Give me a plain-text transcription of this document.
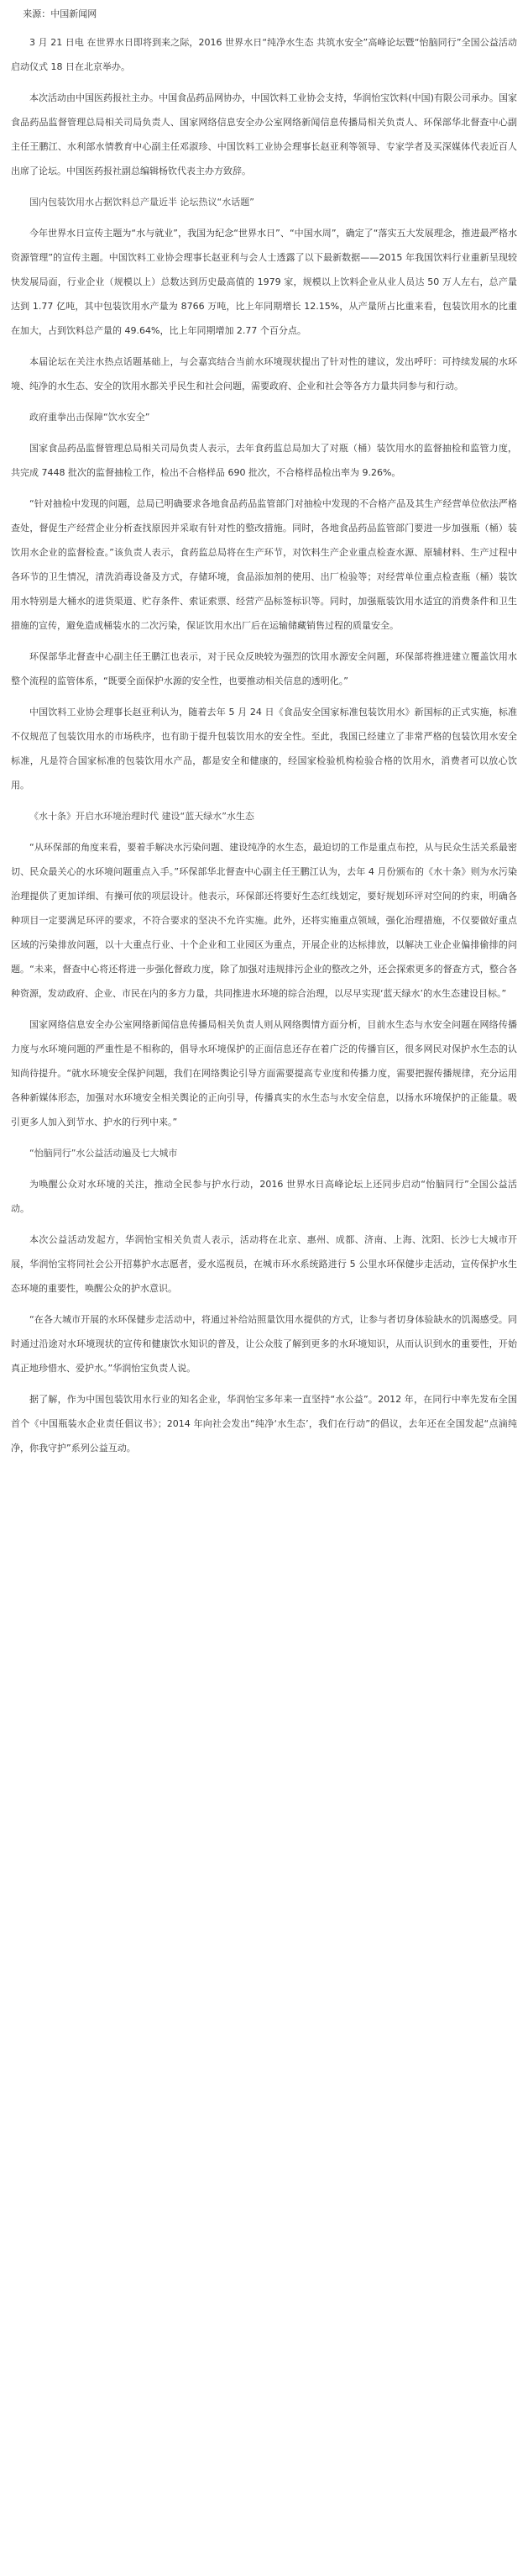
来源：中国新闻网

3 月 21 日电 在世界水日即将到来之际，2016 世界水日“纯净水生态 共筑水安全”高峰论坛暨“怡脑同行”全国公益活动启动仪式 18 日在北京举办。

本次活动由中国医药报社主办。中国食品药品网协办，中国饮料工业协会支持，华润怡宝饮料(中国)有限公司承办。国家食品药品监督管理总局相关司局负责人、国家网络信息安全办公室网络新闻信息传播局相关负责人、环保部华北督查中心副主任王鹏江、水利部水情教育中心副主任邓淑珍、中国饮料工业协会理事长赵亚利等领导、专家学者及买深媒体代表近百人出席了论坛。中国医药报社副总编辑杨钦代表主办方致辞。

国内包装饮用水占据饮料总产量近半 论坛热议“水话题”

今年世界水日宣传主题为“水与就业”，我国为纪念“世界水日”、“中国水周”，确定了“落实五大发展理念，推进最严格水资源管理”的宣传主题。中国饮料工业协会理事长赵亚利与会人士透露了以下最新数据——2015 年我国饮料行业重新呈现较快发展局面，行业企业（规模以上）总数达到历史最高值的 1979 家，规模以上饮料企业从业人员达 50 万人左右，总产量达到 1.77 亿吨，其中包装饮用水产量为 8766 万吨，比上年同期增长 12.15%，从产量所占比重来看，包装饮用水的比重在加大，占到饮料总产量的 49.64%，比上年同期增加 2.77 个百分点。

本届论坛在关注水热点话题基础上，与会嘉宾结合当前水环境现状提出了针对性的建议，发出呼吁：可持续发展的水环境、纯净的水生态、安全的饮用水都关乎民生和社会问题，需要政府、企业和社会等各方力量共同参与和行动。

政府重拳出击保障“饮水安全”

国家食品药品监督管理总局相关司局负责人表示，去年食药监总局加大了对瓶（桶）装饮用水的监督抽检和监管力度，共完成 7448 批次的监督抽检工作，检出不合格样品 690 批次，不合格样品检出率为 9.26%。

“针对抽检中发现的问题，总局已明确要求各地食品药品监管部门对抽检中发现的不合格产品及其生产经营单位依法严格查处，督促生产经营企业分析查找原因并采取有针对性的整改措施。同时，各地食品药品监管部门要进一步加强瓶（桶）装饮用水企业的监督检查。”该负责人表示，食药监总局将在生产环节，对饮料生产企业重点检查水源、原辅材料、生产过程中各环节的卫生情况，清洗消毒设备及方式，存储环境，食品添加剂的使用、出厂检验等；对经营单位重点检查瓶（桶）装饮用水特别是大桶水的进货渠道、贮存条件、索证索票、经营产品标签标识等。同时，加强瓶装饮用水适宜的消费条件和卫生措施的宣传，避免造成桶装水的二次污染，保证饮用水出厂后在运输储藏销售过程的质量安全。

环保部华北督查中心副主任王鹏江也表示，对于民众反映较为强烈的饮用水源安全问题，环保部将推进建立覆盖饮用水整个流程的监管体系，“既要全面保护水源的安全性，也要推动相关信息的透明化。”

中国饮料工业协会理事长赵亚利认为，随着去年 5 月 24 日《食品安全国家标准包装饮用水》新国标的正式实施，标准不仅规范了包装饮用水的市场秩序，也有助于提升包装饮用水的安全性。至此，我国已经建立了非常严格的包装饮用水安全标准，凡是符合国家标准的包装饮用水产品，都是安全和健康的，经国家检验机构检验合格的饮用水，消费者可以放心饮用。

《水十条》开启水环境治理时代 建设“蓝天绿水”水生态

“从环保部的角度来看，要着手解决水污染问题、建设纯净的水生态，最迫切的工作是重点布控，从与民众生活关系最密切、民众最关心的水环境问题重点入手。”环保部华北督查中心副主任王鹏江认为，去年 4 月份颁布的《水十条》则为水污染治理提供了更加详细、有操可依的项层设计。他表示，环保部还将要好生态红线划定，要好规划环评对空间的约束，明确各种项目一定要满足环评的要求，不符合要求的坚决不允许实施。此外，还将实施重点领域，强化治理措施，不仅要做好重点区域的污染排放问题，以十大重点行业、十个企业和工业园区为重点，开展企业的达标排放，以解决工业企业偏排偷排的问题。“未来，督查中心将还将进一步强化督政力度，除了加强对违规排污企业的整改之外，还会探索更多的督查方式，整合各种资源，发动政府、企业、市民在内的多方力量，共同推进水环境的综合治理，以尽早实现‘蓝天绿水’的水生态建设目标。”

国家网络信息安全办公室网络新闻信息传播局相关负责人则从网络舆情方面分析，目前水生态与水安全问题在网络传播力度与水环境问题的严重性是不相称的，倡导水环境保护的正面信息还存在着广泛的传播盲区，很多网民对保护水生态的认知尚待提升。“就水环境安全保护问题，我们在网络舆论引导方面需要提高专业度和传播力度，需要把握传播规律，充分运用各种新媒体形态，加强对水环境安全相关舆论的正向引导，传播真实的水生态与水安全信息，以扬水环境保护的正能量。吸引更多人加入到节水、护水的行列中来。”

“怡脑同行”水公益活动遍及七大城市

为唤醒公众对水环境的关注，推动全民参与护水行动，2016 世界水日高峰论坛上还同步启动“怡脑同行”全国公益活动。

本次公益活动发起方，华润怡宝相关负责人表示，活动将在北京、惠州、成都、济南、上海、沈阳、长沙七大城市开展，华润怡宝将同社会公开招募护水志愿者，爱水巡视员，在城市环水系统路进行 5 公里水环保健步走活动，宣传保护水生态环境的重要性，唤醒公众的护水意识。

“在各大城市开展的水环保健步走活动中，将通过补给站照量饮用水提供的方式，让参与者切身体验缺水的饥渴感受。同时通过沿途对水环境现状的宣传和健康饮水知识的普及，让公众肢了解到更多的水环境知识，从而认识到水的重要性，开始真正地珍惜水、爱护水。”华润怡宝负责人说。

据了解，作为中国包装饮用水行业的知名企业，华润怡宝多年来一直坚持“水公益”。2012 年，在同行中率先发布全国首个《中国瓶装水企业责任倡议书》；2014 年向社会发出“纯净‘水生态’，我们在行动”的倡议，去年还在全国发起“点滴纯净，你我守护”系列公益互动。
